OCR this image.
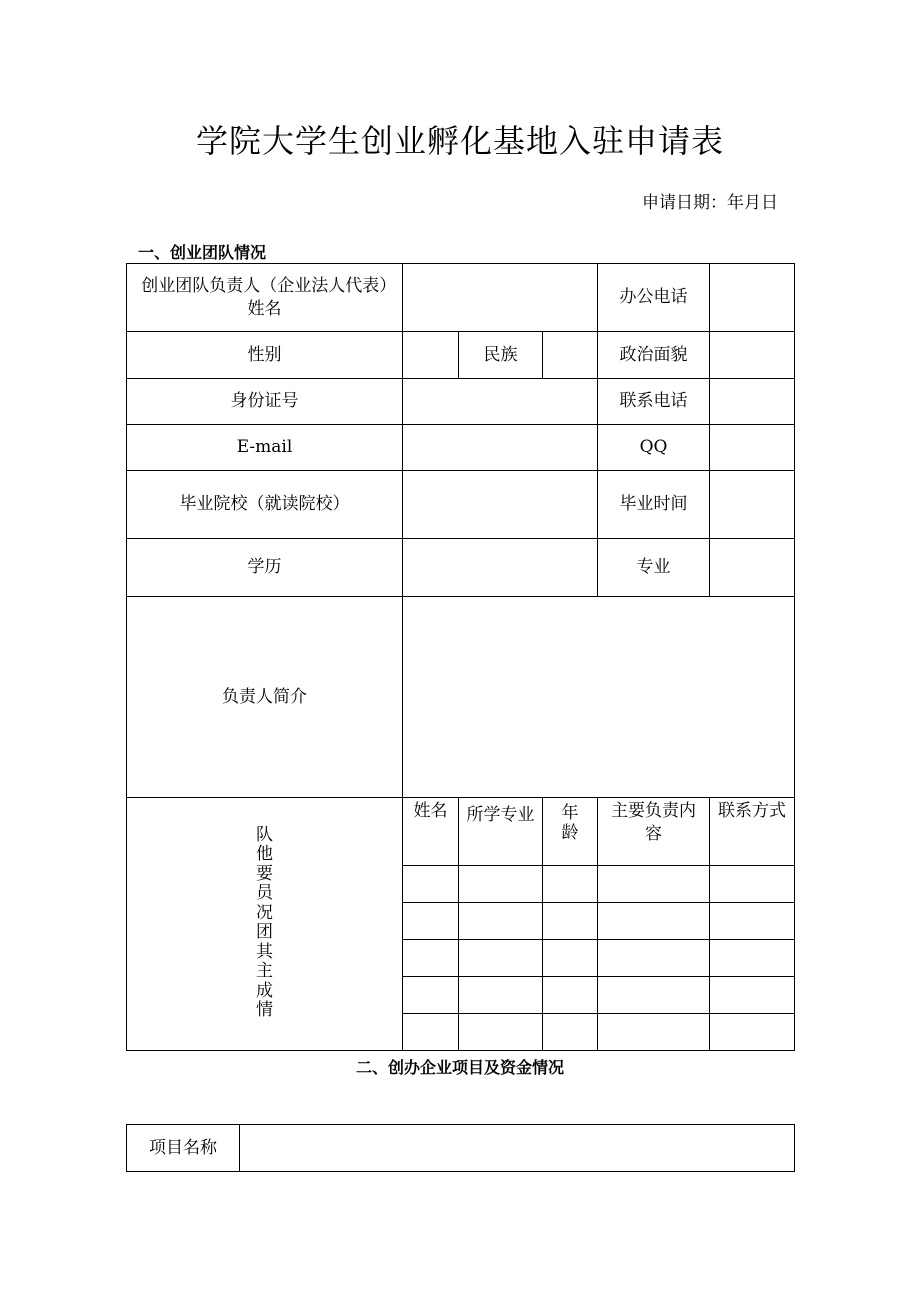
学院大学生创业孵化基地入驻申请表
申请日期：年月日
一、创业团队情况
创业团队负责人（企业法人代表）姓名				办公电话	
性别		民族		政治面貌	
身份证号				联系电话	
E-mail				QQ	
毕业院校（就读院校）				毕业时间	
学历				专业	
负责人简介					
队他要员况团其主成情	姓名	所学专业	年龄	主要负责内容	联系方式

二、创办企业项目及资金情况
项目名称	
